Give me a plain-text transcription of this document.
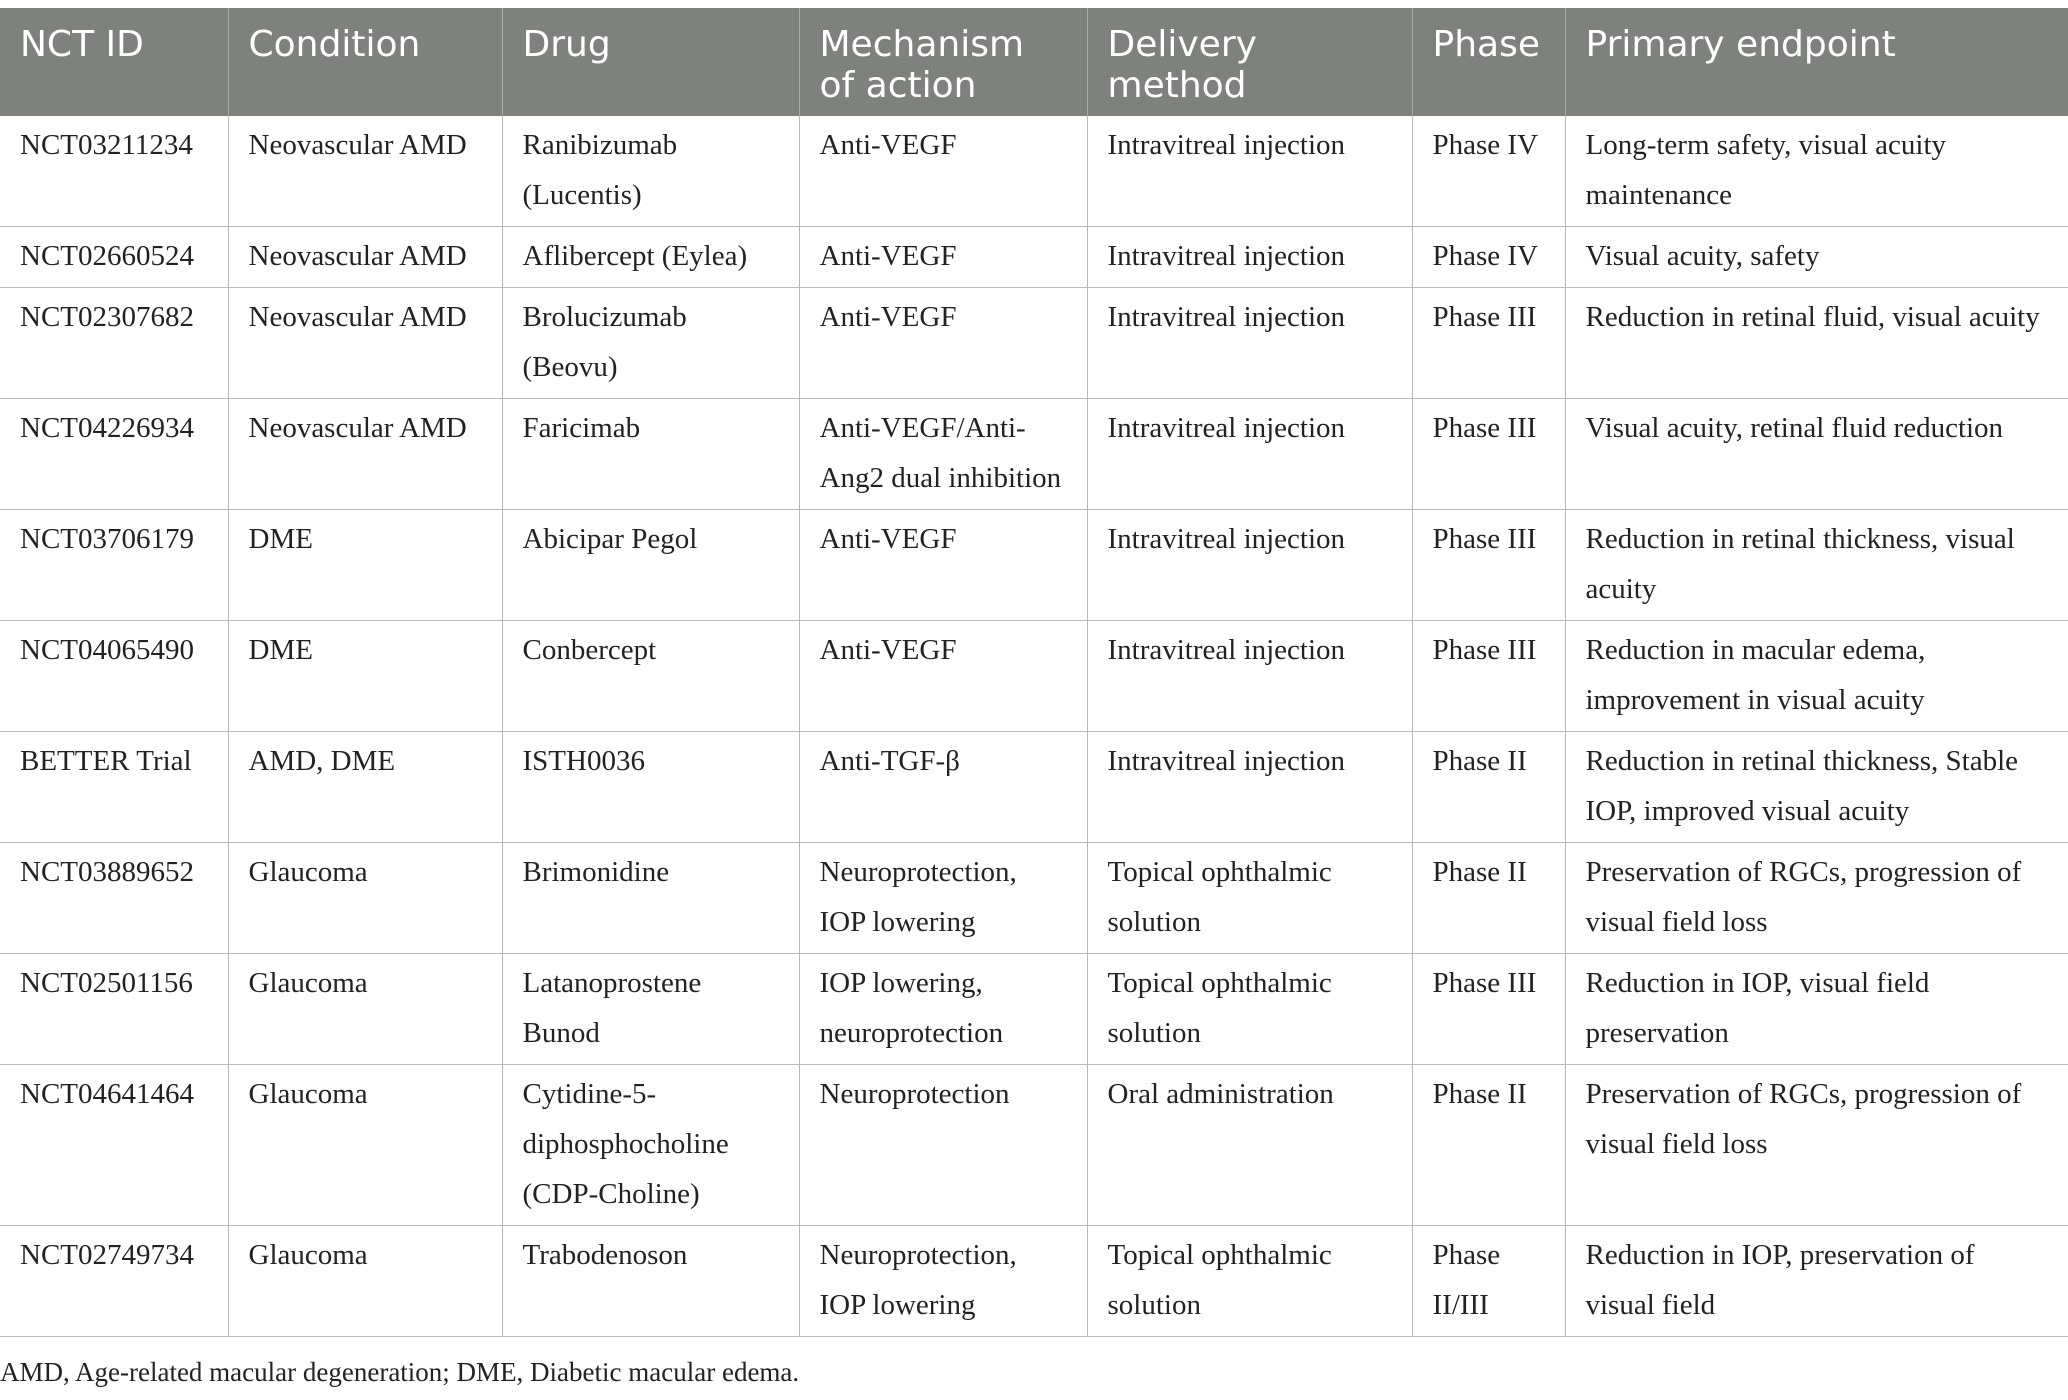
NCT ID	Condition	Drug	Mechanism of action	Delivery method	Phase	Primary endpoint
NCT03211234	Neovascular AMD	Ranibizumab (Lucentis)	Anti-VEGF	Intravitreal injection	Phase IV	Long-term safety, visual acuity maintenance
NCT02660524	Neovascular AMD	Aflibercept (Eylea)	Anti-VEGF	Intravitreal injection	Phase IV	Visual acuity, safety
NCT02307682	Neovascular AMD	Brolucizumab (Beovu)	Anti-VEGF	Intravitreal injection	Phase III	Reduction in retinal fluid, visual acuity
NCT04226934	Neovascular AMD	Faricimab	Anti-VEGF/Anti-Ang2 dual inhibition	Intravitreal injection	Phase III	Visual acuity, retinal fluid reduction
NCT03706179	DME	Abicipar Pegol	Anti-VEGF	Intravitreal injection	Phase III	Reduction in retinal thickness, visual acuity
NCT04065490	DME	Conbercept	Anti-VEGF	Intravitreal injection	Phase III	Reduction in macular edema, improvement in visual acuity
BETTER Trial	AMD, DME	ISTH0036	Anti-TGF-β	Intravitreal injection	Phase II	Reduction in retinal thickness, Stable IOP, improved visual acuity
NCT03889652	Glaucoma	Brimonidine	Neuroprotection, IOP lowering	Topical ophthalmic solution	Phase II	Preservation of RGCs, progression of visual field loss
NCT02501156	Glaucoma	Latanoprostene Bunod	IOP lowering, neuroprotection	Topical ophthalmic solution	Phase III	Reduction in IOP, visual field preservation
NCT04641464	Glaucoma	Cytidine-5-diphosphocholine (CDP-Choline)	Neuroprotection	Oral administration	Phase II	Preservation of RGCs, progression of visual field loss
NCT02749734	Glaucoma	Trabodenoson	Neuroprotection, IOP lowering	Topical ophthalmic solution	Phase II/III	Reduction in IOP, preservation of visual field
AMD, Age-related macular degeneration; DME, Diabetic macular edema.
